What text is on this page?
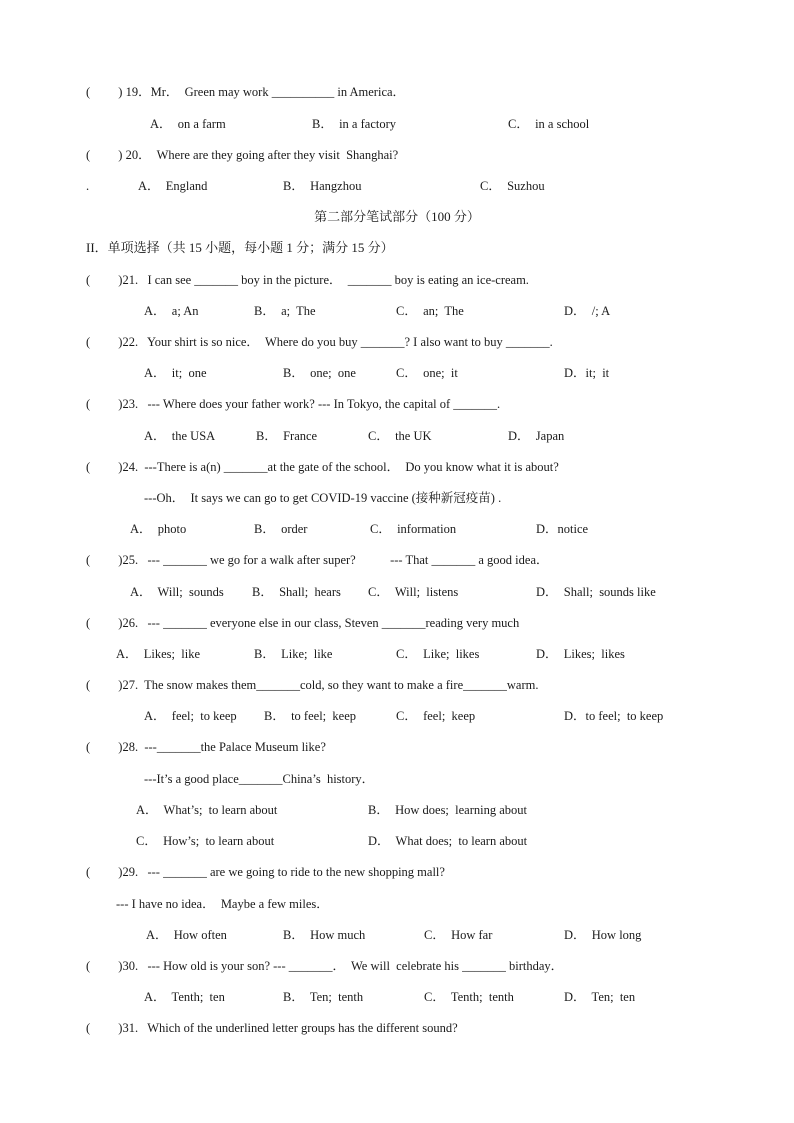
(         ) 19．Mr．  Green may work __________ in America．
A．  on a farm	B．  in a factory	C．  in a school
(         ) 20．  Where are they going after they visit  Shanghai?
.	A．  England	B．  Hangzhou	C．  Suzhou
第二部分笔试部分（100 分）
II．单项选择（共 15 小题，每小题 1 分；满分 15 分）
(         )21.   I can see _______ boy in the picture．  _______ boy is eating an ice-cream.
A．  a; An	B．  a;  The	C．  an;  The	D．  /; A
(         )22.   Your shirt is so nice．  Where do you buy _______? I also want to buy _______.
A．  it;  one	B．  one;  one	C．  one;  it	D．it;  it
(         )23.   --- Where does your father work? --- In Tokyo, the capital of _______.
A．  the USA	B．  France	C．  the UK	D．  Japan
(         )24.  ---There is a(n) _______at the gate of the school．  Do you know what it is about?
---Oh．  It says we can go to get COVID-19 vaccine (接种新冠疫苗) .
A．  photo	B．  order	C．  information	D．notice
(         )25.   --- _______ we go for a walk after super?           --- That _______ a good idea．
A．  Will;  sounds B．  Shall;  hears C．  Will;  listens	D．  Shall;  sounds like
(         )26.   --- _______ everyone else in our class, Steven _______reading very much
A．  Likes;  like	B．  Like;  like	C．  Like;  likes	D．  Likes;  likes
(         )27.  The snow makes them_______cold, so they want to make a fire_______warm.
A．  feel;  to keep B．  to feel;  keep	C．  feel;  keep	D．to feel;  to keep
(         )28.  ---_______the Palace Museum like?
---It’s a good place_______China’s  history．
A．  What’s;  to learn about	B．  How does;  learning about
C．  How’s;  to learn about	D．  What does;  to learn about
(         )29.   --- _______ are we going to ride to the new shopping mall?
--- I have no idea．  Maybe a few miles．
A．  How often	B．  How much	C．  How far	D．  How long
(         )30.   --- How old is your son? --- _______．  We will  celebrate his _______ birthday．
A．  Tenth;  ten	B．  Ten;  tenth	C．  Tenth;  tenth	D．  Ten;  ten
(         )31.   Which of the underlined letter groups has the different sound?
